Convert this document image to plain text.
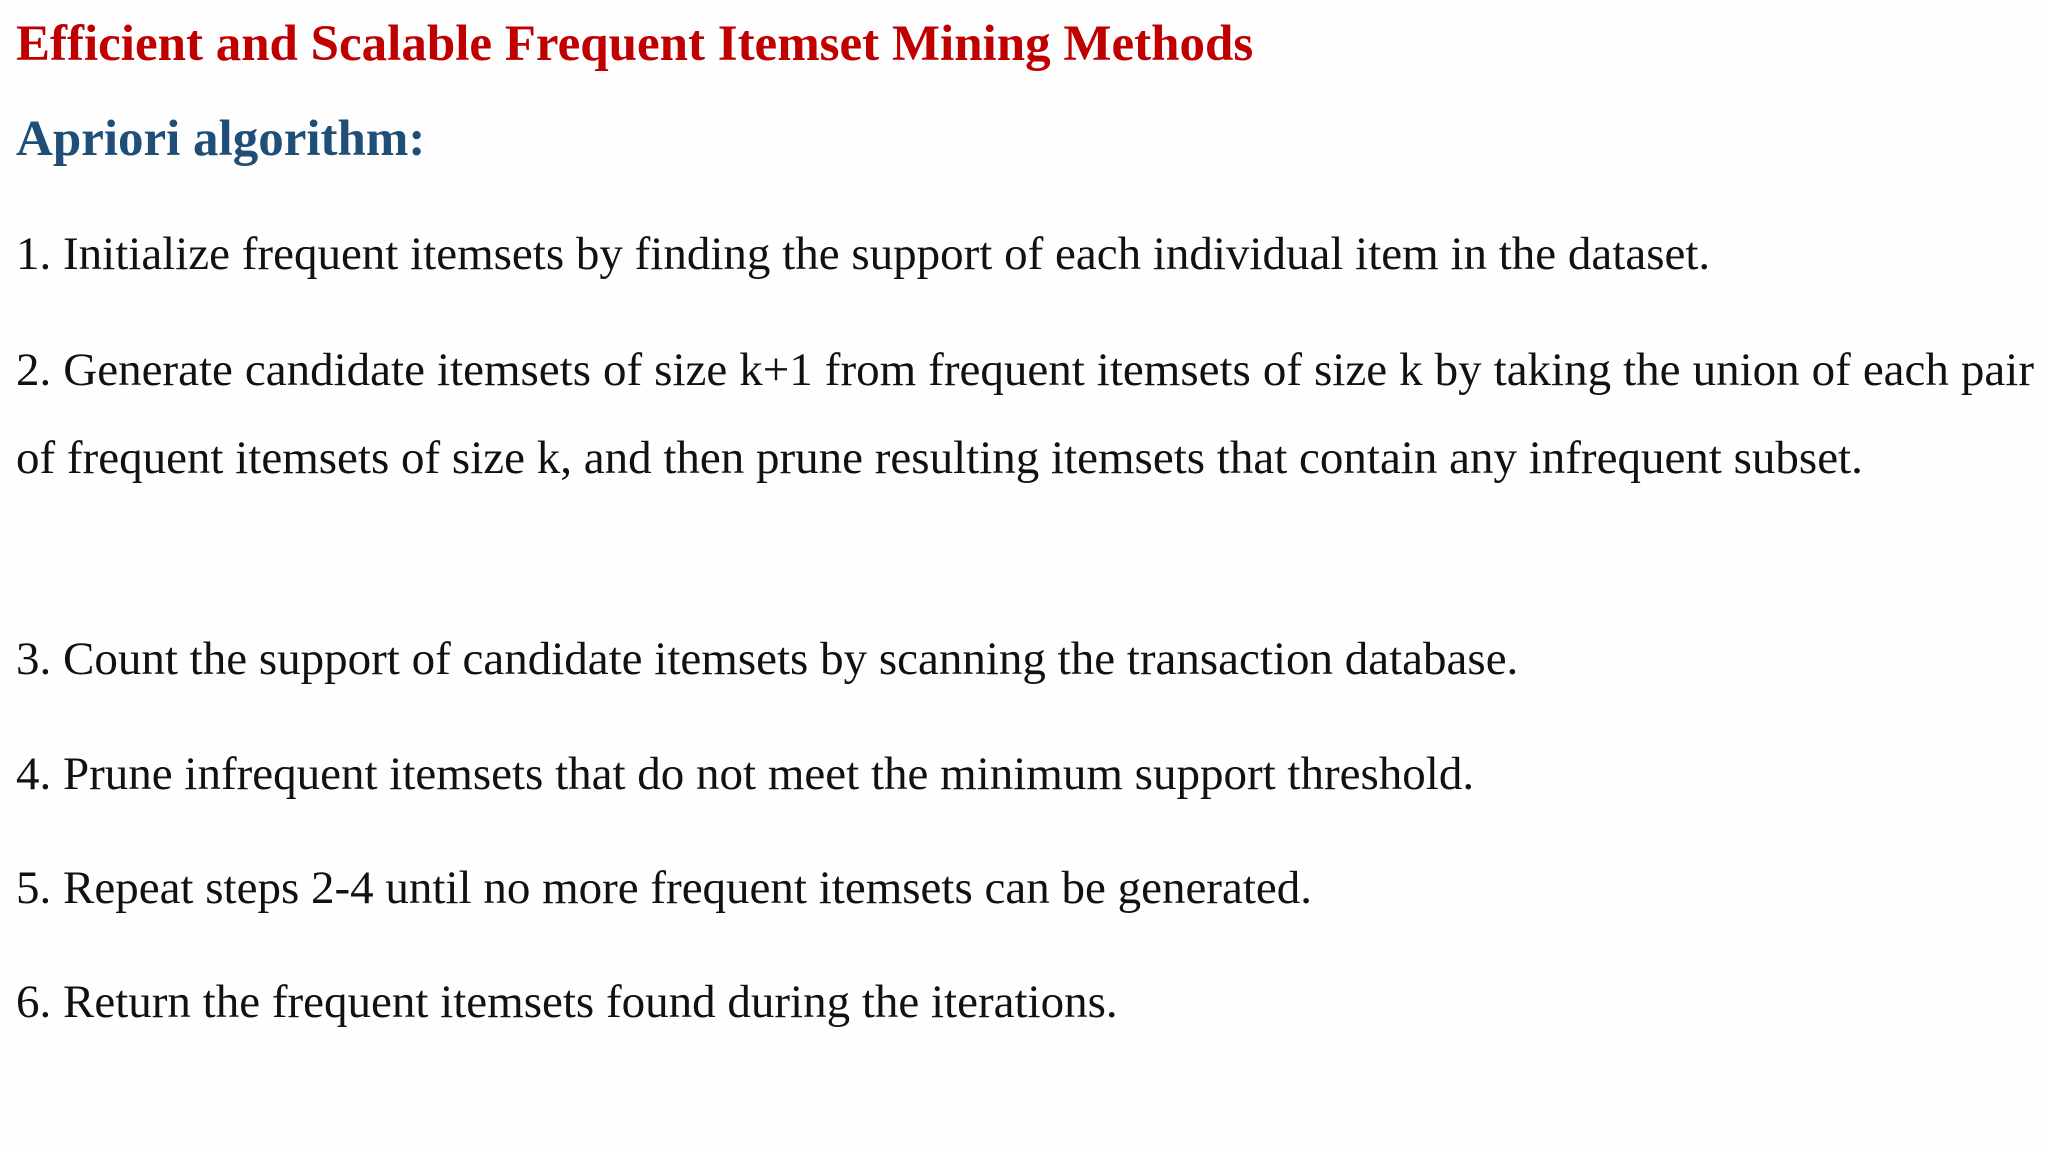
Efficient and Scalable Frequent Itemset Mining Methods
Apriori algorithm:

1. Initialize frequent itemsets by finding the support of each individual item in the dataset.

2. Generate candidate itemsets of size k+1 from frequent itemsets of size k by taking the union of each pair of frequent itemsets of size k, and then prune resulting itemsets that contain any infrequent subset.

3. Count the support of candidate itemsets by scanning the transaction database.

4. Prune infrequent itemsets that do not meet the minimum support threshold.

5. Repeat steps 2-4 until no more frequent itemsets can be generated.

6. Return the frequent itemsets found during the iterations.
